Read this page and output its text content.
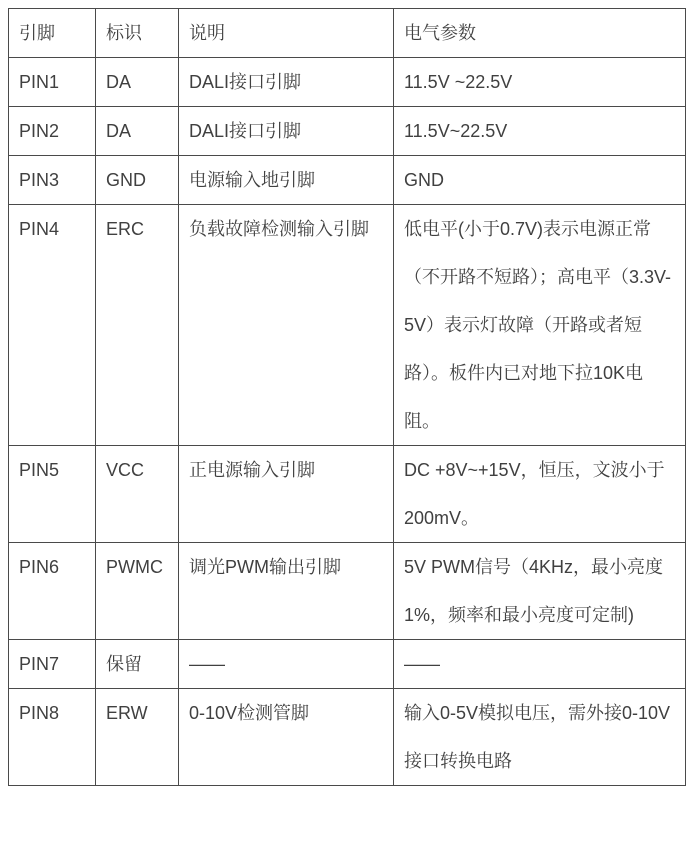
引脚	标识	说明	电气参数
PIN1	DA	DALI接口引脚	11.5V ~22.5V
PIN2	DA	DALI接口引脚	11.5V~22.5V
PIN3	GND	电源输入地引脚	GND
PIN4	ERC	负载故障检测输入引脚	低电平(小于0.7V)表示电源正常（不开路不短路）；高电平（3.3V-5V）表示灯故障（开路或者短路）。板件内已对地下拉10K电阻。
PIN5	VCC	正电源输入引脚	DC +8V~+15V，恒压，文波小于200mV。
PIN6	PWMC	调光PWM输出引脚	5V PWM信号（4KHz，最小亮度1%，频率和最小亮度可定制)
PIN7	保留	——	——
PIN8	ERW	0-10V检测管脚	输入0-5V模拟电压，需外接0-10V接口转换电路
